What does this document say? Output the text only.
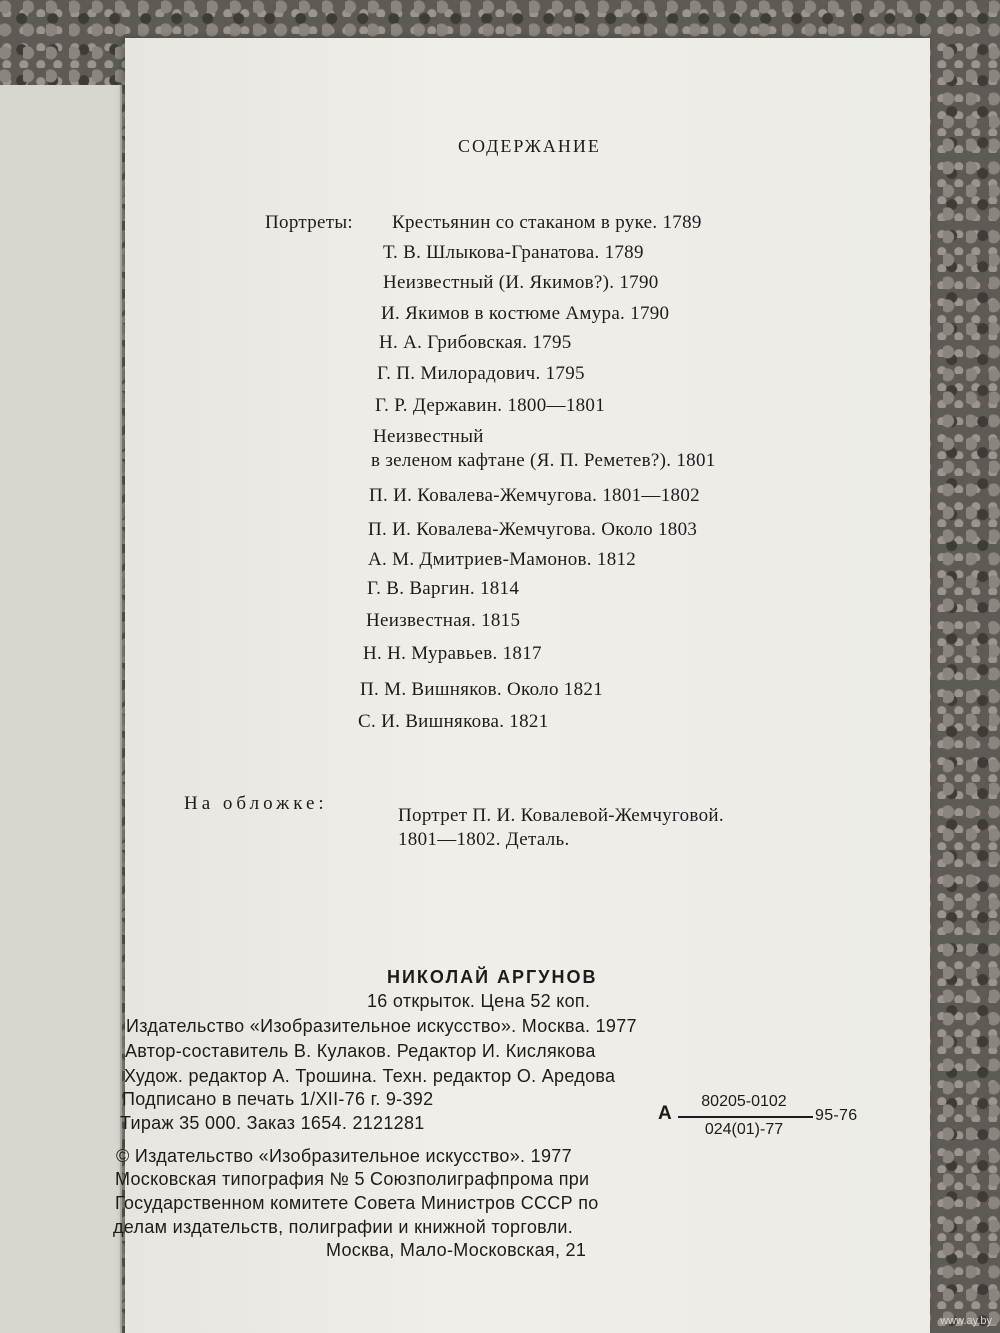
СОДЕРЖАНИЕ
Портреты: Крестьянин со стаканом в руке. 1789
Т. В. Шлыкова-Гранатова. 1789
Неизвестный (И. Якимов?). 1790
И. Якимов в костюме Амура. 1790
Н. А. Грибовская. 1795
Г. П. Милорадович. 1795
Г. Р. Державин. 1800—1801
Неизвестный
в зеленом кафтане (Я. П. Реметев?). 1801
П. И. Ковалева-Жемчугова. 1801—1802
П. И. Ковалева-Жемчугова. Около 1803
А. М. Дмитриев-Мамонов. 1812
Г. В. Варгин. 1814
Неизвестная. 1815
Н. Н. Муравьев. 1817
П. М. Вишняков. Около 1821
С. И. Вишнякова. 1821
На обложке:
Портрет П. И. Ковалевой-Жемчуговой.
1801—1802. Деталь.
НИКОЛАЙ АРГУНОВ
16 открыток. Цена 52 коп.
Издательство «Изобразительное искусство». Москва. 1977
Автор-составитель В. Кулаков. Редактор И. Кислякова
Худож. редактор А. Трошина. Техн. редактор О. Аредова
Подписано в печать 1/XII-76 г. 9-392
Тираж 35 000. Заказ 1654. 2121281	А
80205-0102
024(01)-77
95-76
© Издательство «Изобразительное искусство». 1977
Московская типография № 5 Союзполиграфпрома при
Государственном комитете Совета Министров СССР по
делам издательств, полиграфии и книжной торговли.
Москва, Мало-Московская, 21
www.ay.by
